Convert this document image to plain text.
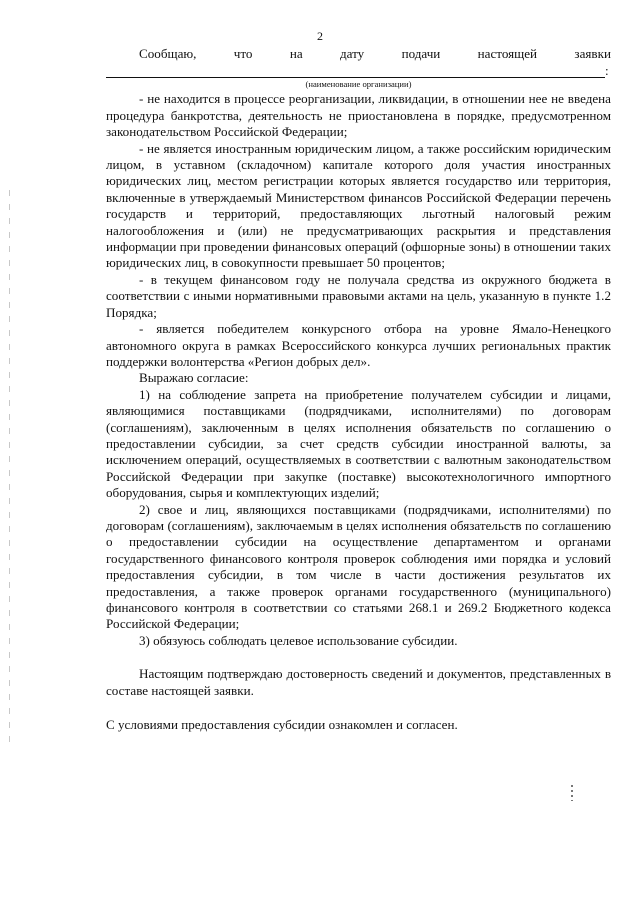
2
Сообщаю,	что	на	дату	подачи	настоящей	заявки
:
(наименование организации)

- не находится в процессе реорганизации, ликвидации, в отношении нее не введена процедура банкротства, деятельность не приостановлена в порядке, предусмотренном законодательством Российской Федерации;

- не является иностранным юридическим лицом, а также российским юридическим лицом, в уставном (складочном) капитале которого доля участия иностранных юридических лиц, местом регистрации которых является государство или территория, включенные в утверждаемый Министерством финансов Российской Федерации перечень государств и территорий, предоставляющих льготный налоговый режим налогообложения и (или) не предусматривающих раскрытия и представления информации при проведении финансовых операций (офшорные зоны) в отношении таких юридических лиц, в совокупности превышает 50 процентов;

- в текущем финансовом году не получала средства из окружного бюджета в соответствии с иными нормативными правовыми актами на цель, указанную в пункте 1.2 Порядка;

- является победителем конкурсного отбора на уровне Ямало-Ненецкого автономного округа в рамках Всероссийского конкурса лучших региональных практик поддержки волонтерства «Регион добрых дел».

Выражаю согласие:

1) на соблюдение запрета на приобретение получателем субсидии и лицами, являющимися поставщиками (подрядчиками, исполнителями) по договорам (соглашениям), заключенным в целях исполнения обязательств по соглашению о предоставлении субсидии, за счет средств субсидии иностранной валюты, за исключением операций, осуществляемых в соответствии с валютным законодательством Российской Федерации при закупке (поставке) высокотехнологичного импортного оборудования, сырья и комплектующих изделий;

2) свое и лиц, являющихся поставщиками (подрядчиками, исполнителями) по договорам (соглашениям), заключаемым в целях исполнения обязательств по соглашению о предоставлении субсидии на осуществление департаментом и органами государственного финансового контроля проверок соблюдения ими порядка и условий предоставления субсидии, в том числе в части достижения результатов их предоставления, а также проверок органами государственного (муниципального) финансового контроля в соответствии со статьями 268.1 и 269.2 Бюджетного кодекса Российской Федерации;

3) обязуюсь соблюдать целевое использование субсидии.

Настоящим подтверждаю достоверность сведений и документов, представленных в составе настоящей заявки.

С условиями предоставления субсидии ознакомлен и согласен.
